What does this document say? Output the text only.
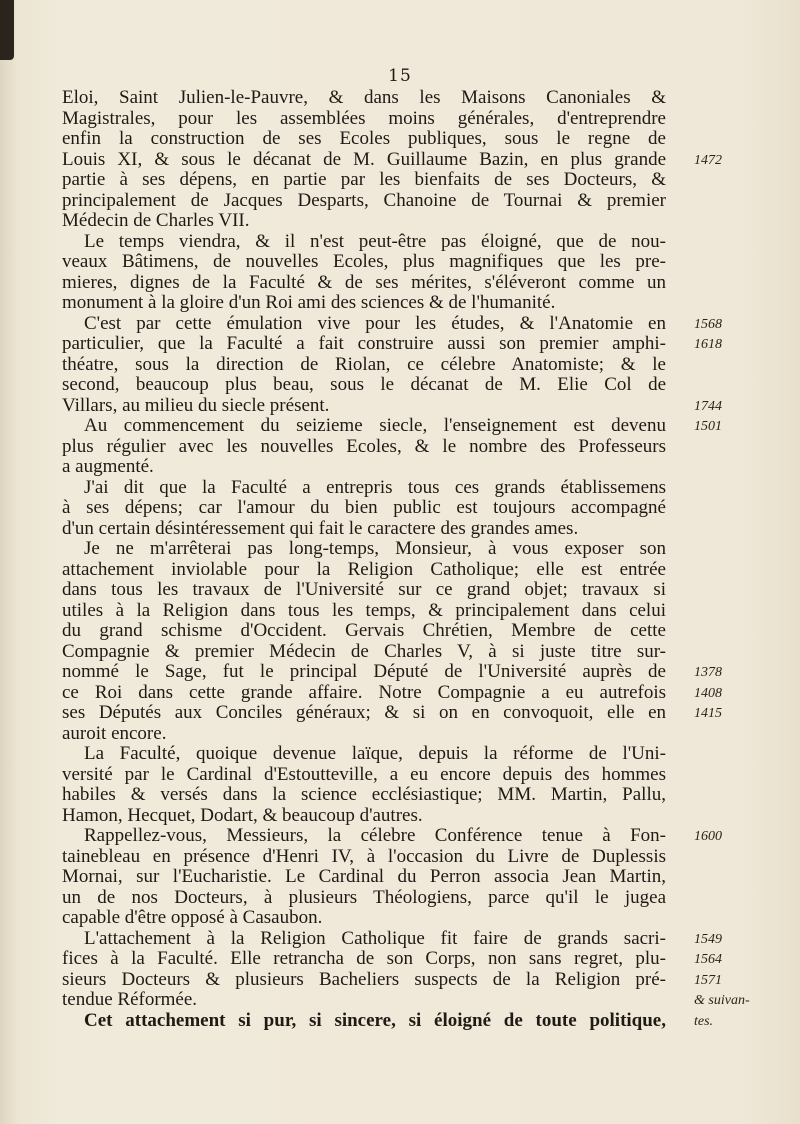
15
Eloi, Saint Julien-le-Pauvre, & dans les Maisons Canoniales &
Magistrales, pour les assemblées moins générales, d'entreprendre
enfin la construction de ses Ecoles publiques, sous le regne de
Louis XI, & sous le décanat de M. Guillaume Bazin, en plus grande
partie à ses dépens, en partie par les bienfaits de ses Docteurs, &
principalement de Jacques Desparts, Chanoine de Tournai & premier
Médecin de Charles VII.
Le temps viendra, & il n'est peut-être pas éloigné, que de nou-
veaux Bâtimens, de nouvelles Ecoles, plus magnifiques que les pre-
mieres, dignes de la Faculté & de ses mérites, s'éléveront comme un
monument à la gloire d'un Roi ami des sciences & de l'humanité.
C'est par cette émulation vive pour les études, & l'Anatomie en
particulier, que la Faculté a fait construire aussi son premier amphi-
théatre, sous la direction de Riolan, ce célebre Anatomiste; & le
second, beaucoup plus beau, sous le décanat de M. Elie Col de
Villars, au milieu du siecle présent.
Au commencement du seizieme siecle, l'enseignement est devenu
plus régulier avec les nouvelles Ecoles, & le nombre des Professeurs
a augmenté.
J'ai dit que la Faculté a entrepris tous ces grands établissemens
à ses dépens; car l'amour du bien public est toujours accompagné
d'un certain désintéressement qui fait le caractere des grandes ames.
Je ne m'arrêterai pas long-temps, Monsieur, à vous exposer son
attachement inviolable pour la Religion Catholique; elle est entrée
dans tous les travaux de l'Université sur ce grand objet; travaux si
utiles à la Religion dans tous les temps, & principalement dans celui
du grand schisme d'Occident. Gervais Chrétien, Membre de cette
Compagnie & premier Médecin de Charles V, à si juste titre sur-
nommé le Sage, fut le principal Député de l'Université auprès de
ce Roi dans cette grande affaire. Notre Compagnie a eu autrefois
ses Députés aux Conciles généraux; & si on en convoquoit, elle en
auroit encore.
La Faculté, quoique devenue laïque, depuis la réforme de l'Uni-
versité par le Cardinal d'Estoutteville, a eu encore depuis des hommes
habiles & versés dans la science ecclésiastique; MM. Martin, Pallu,
Hamon, Hecquet, Dodart, & beaucoup d'autres.
Rappellez-vous, Messieurs, la célebre Conférence tenue à Fon-
tainebleau en présence d'Henri IV, à l'occasion du Livre de Duplessis
Mornai, sur l'Eucharistie. Le Cardinal du Perron associa Jean Martin,
un de nos Docteurs, à plusieurs Théologiens, parce qu'il le jugea
capable d'être opposé à Casaubon.
L'attachement à la Religion Catholique fit faire de grands sacri-
fices à la Faculté. Elle retrancha de son Corps, non sans regret, plu-
sieurs Docteurs & plusieurs Bacheliers suspects de la Religion pré-
tendue Réformée.
Cet attachement si pur, si sincere, si éloigné de toute politique,
1472
1568
1618
1744
1501
1378
1408
1415
1600
1549
1564
1571
& suivan-
tes.
